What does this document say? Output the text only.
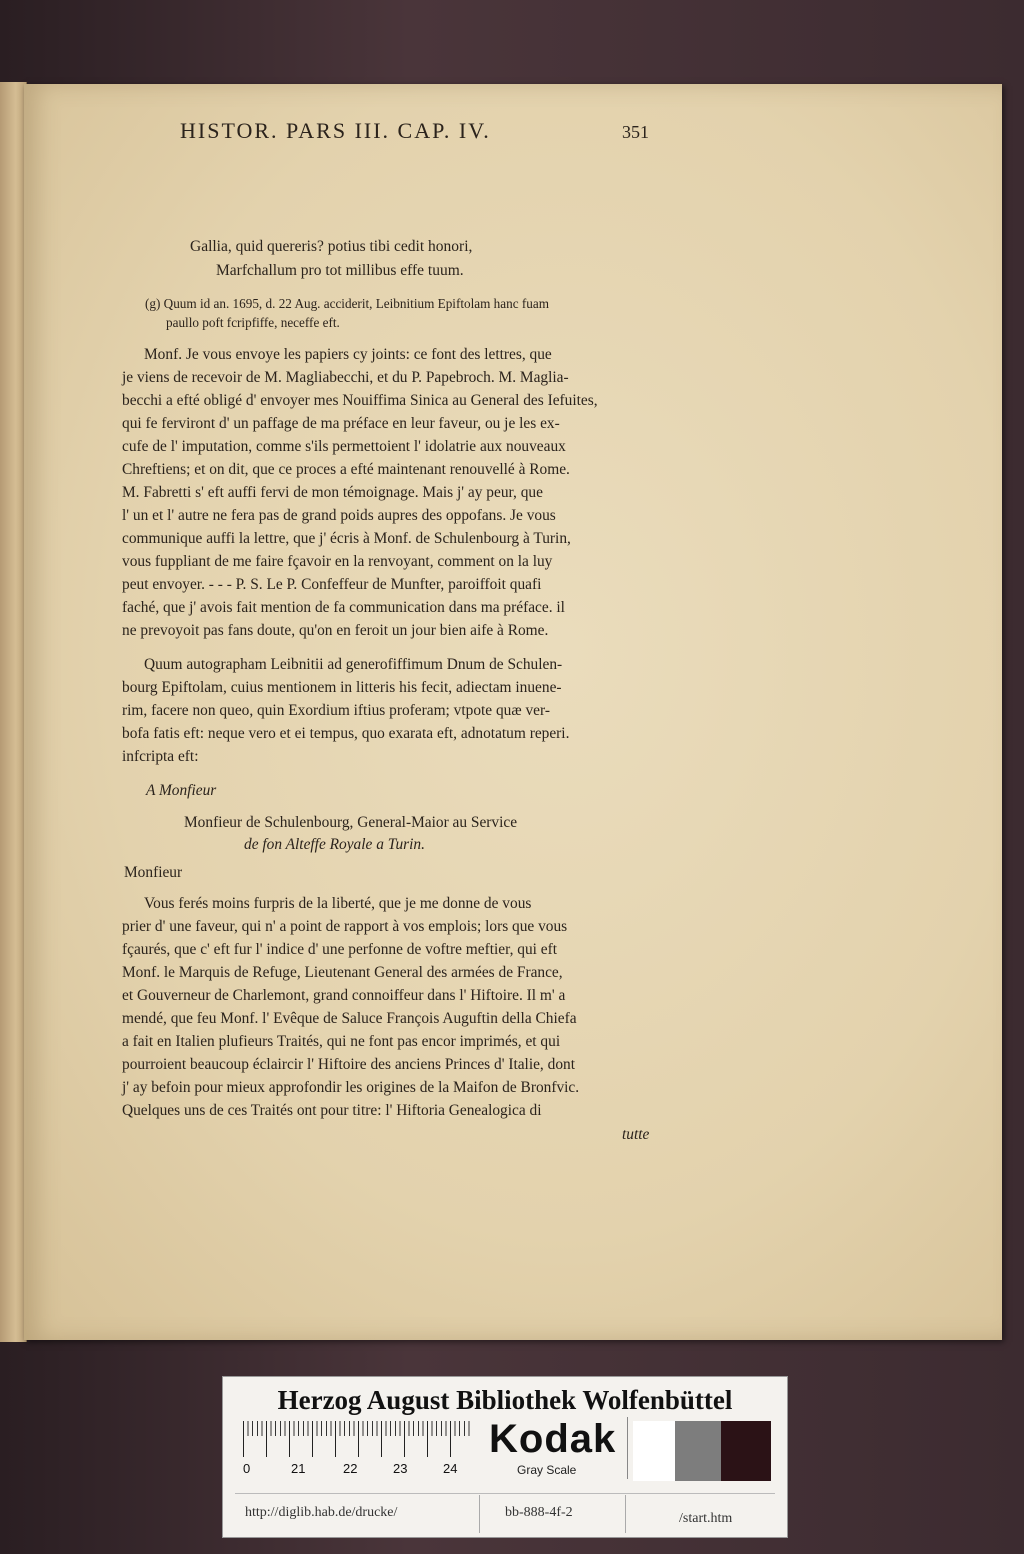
HISTOR. PARS III. CAP. IV.	351
Gallia, quid quereris? potius tibi cedit honori,
Marfchallum pro tot millibus effe tuum.
(g) Quum id an. 1695, d. 22 Aug. acciderit, Leibnitium Epiftolam hanc fuam
paullo poft fcripfiffe, neceffe eft.
Monf. Je vous envoye les papiers cy joints: ce font des lettres, que
je viens de recevoir de M. Magliabecchi, et du P. Papebroch. M. Maglia-
becchi a efté obligé d' envoyer mes Nouiffima Sinica au General des Iefuites,
qui fe ferviront d' un paffage de ma préface en leur faveur, ou je les ex-
cufe de l' imputation, comme s'ils permettoient l' idolatrie aux nouveaux
Chreftiens; et on dit, que ce proces a efté maintenant renouvellé à Rome.
M. Fabretti s' eft auffi fervi de mon témoignage. Mais j' ay peur, que
l' un et l' autre ne fera pas de grand poids aupres des oppofans. Je vous
communique auffi la lettre, que j' écris à Monf. de Schulenbourg à Turin,
vous fuppliant de me faire fçavoir en la renvoyant, comment on la luy
peut envoyer. - - - P. S. Le P. Confeffeur de Munfter, paroiffoit quafi
faché, que j' avois fait mention de fa communication dans ma préface. il
ne prevoyoit pas fans doute, qu'on en feroit un jour bien aife à Rome.
Quum autographam Leibnitii ad generofiffimum Dnum de Schulen-
bourg Epiftolam, cuius mentionem in litteris his fecit, adiectam inuene-
rim, facere non queo, quin Exordium iftius proferam; vtpote quæ ver-
bofa fatis eft: neque vero et ei tempus, quo exarata eft, adnotatum reperi.
infcripta eft:
A Monfieur
Monfieur de Schulenbourg, General-Maior au Service
de fon Alteffe Royale a Turin.
Monfieur
Vous ferés moins furpris de la liberté, que je me donne de vous
prier d' une faveur, qui n' a point de rapport à vos emplois; lors que vous
fçaurés, que c' eft fur l' indice d' une perfonne de voftre meftier, qui eft
Monf. le Marquis de Refuge, Lieutenant General des armées de France,
et Gouverneur de Charlemont, grand connoiffeur dans l' Hiftoire. Il m' a
mendé, que feu Monf. l' Evêque de Saluce François Auguftin della Chiefa
a fait en Italien plufieurs Traités, qui ne font pas encor imprimés, et qui
pourroient beaucoup éclaircir l' Hiftoire des anciens Princes d' Italie, dont
j' ay befoin pour mieux approfondir les origines de la Maifon de Bronfvic.
Quelques uns de ces Traités ont pour titre: l' Hiftoria Genealogica di
tutte
Herzog August Bibliothek Wolfenbüttel
0	21	22	23	24
Kodak
Gray Scale
http://diglib.hab.de/drucke/	bb-888-4f-2	/start.htm
